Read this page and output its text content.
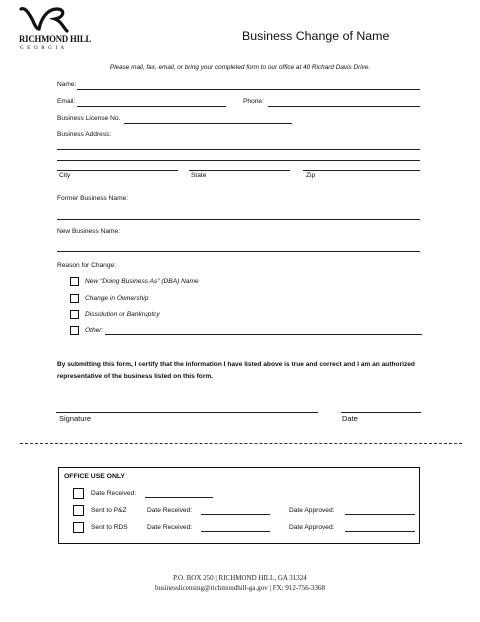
RICHMOND HILL
G E O R G I A
Business Change of Name
Please mail, fax, email, or bring your completed form to our office at 40 Richard Davis Drive.
Name:
Email:	Phone:
Business License No.
Business Address:
City	State	Zip
Former Business Name:
New Business Name:
Reason for Change:
New “Doing Business As” (DBA) Name
Change in Ownership
Dissolution or Bankruptcy
Other:
By submitting this form, I certify that the information I have listed above is true and correct and I am an authorized representative of the business listed on this form.
Signature	Date
OFFICE USE ONLY
Date Received:
Sent to P&Z	Date Received:	Date Approved:
Sent to RDS	Date Received:	Date Approved:
P.O. BOX 250 | RICHMOND HILL, GA 31324
businesslicensing@richmondhill-ga.gov | FX: 912-756-3368
